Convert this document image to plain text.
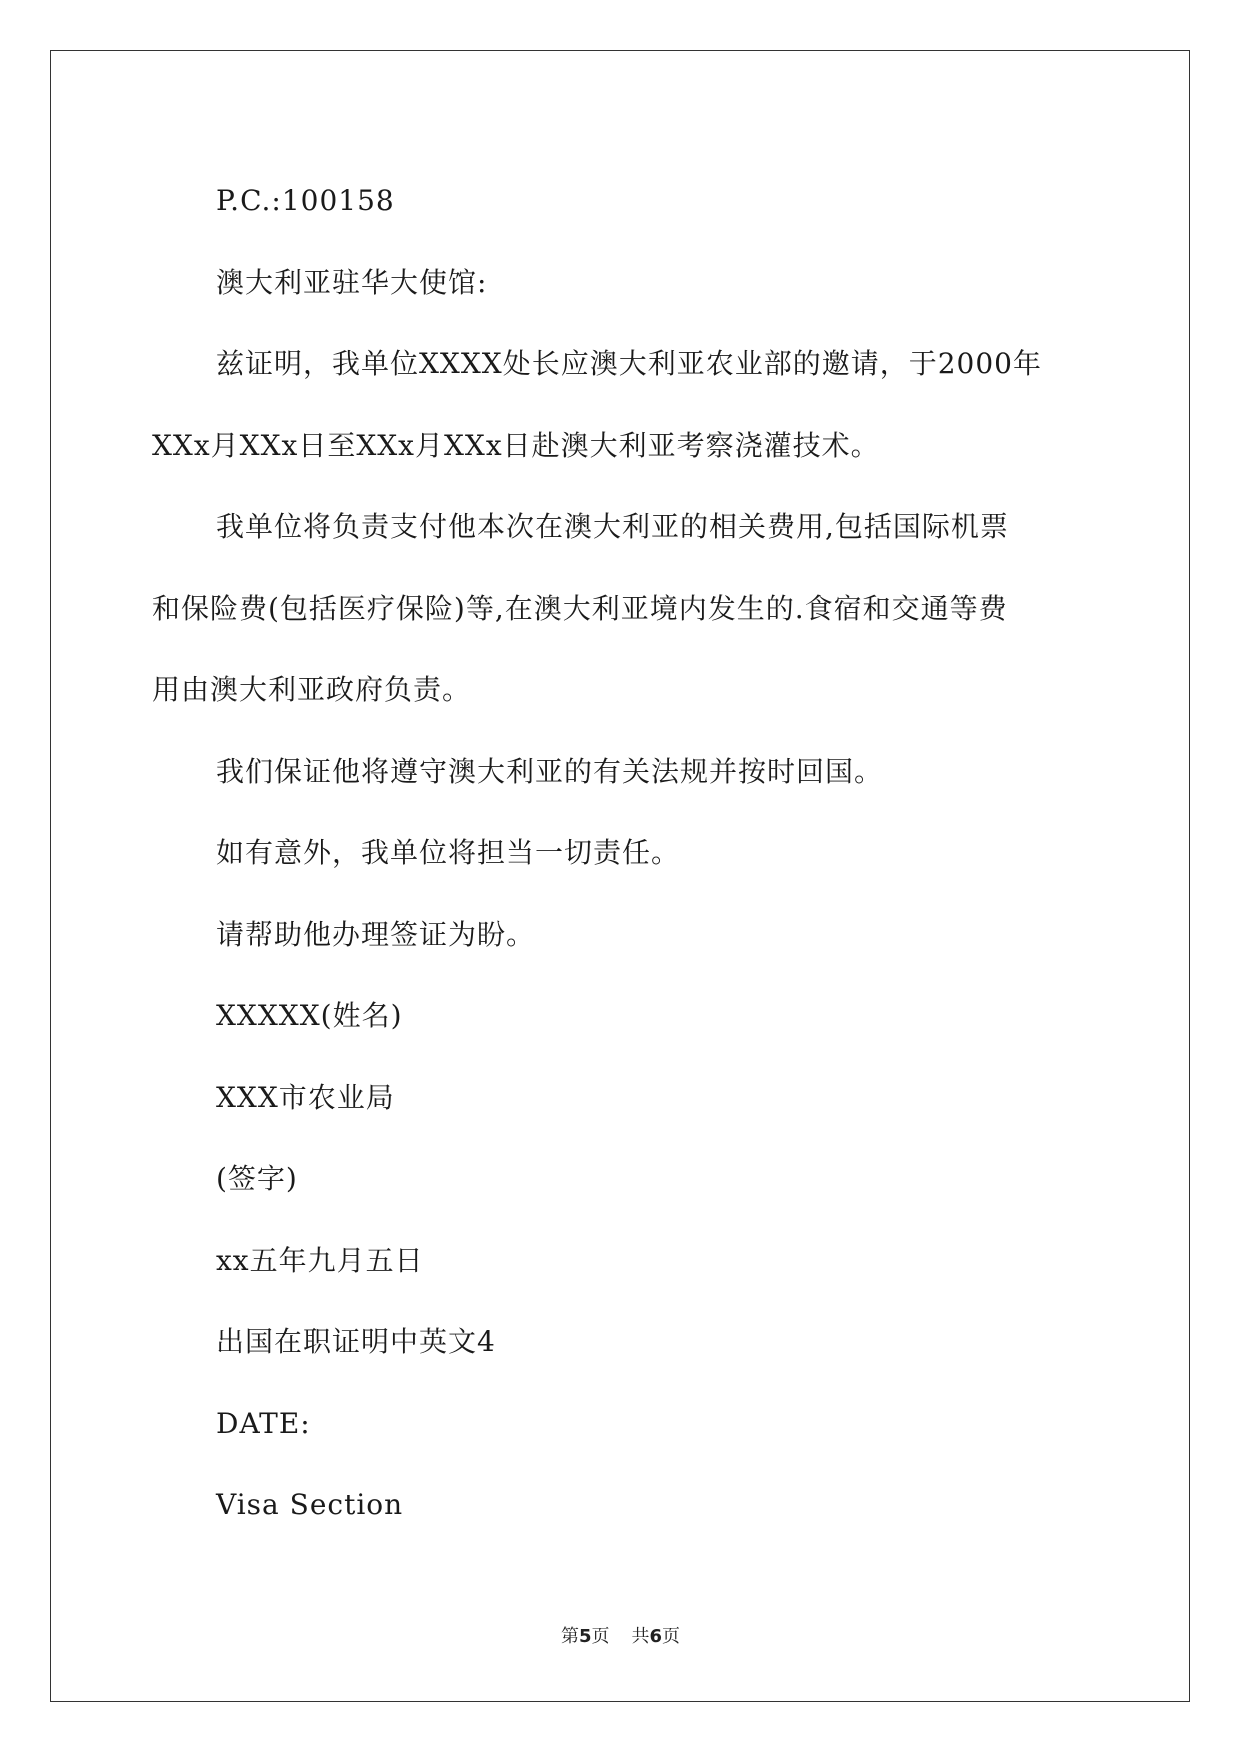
P.C.:100158
澳大利亚驻华大使馆:
兹证明，我单位XXXX处长应澳大利亚农业部的邀请，于2000年
XXx月XXx日至XXx月XXx日赴澳大利亚考察浇灌技术。
我单位将负责支付他本次在澳大利亚的相关费用,包括国际机票
和保险费(包括医疗保险)等,在澳大利亚境内发生的.食宿和交通等费
用由澳大利亚政府负责。
我们保证他将遵守澳大利亚的有关法规并按时回国。
如有意外，我单位将担当一切责任。
请帮助他办理签证为盼。
XXXXX(姓名)
XXX市农业局
(签字)
xx五年九月五日
出国在职证明中英文4
DATE:
Visa Section
第5页 共6页
